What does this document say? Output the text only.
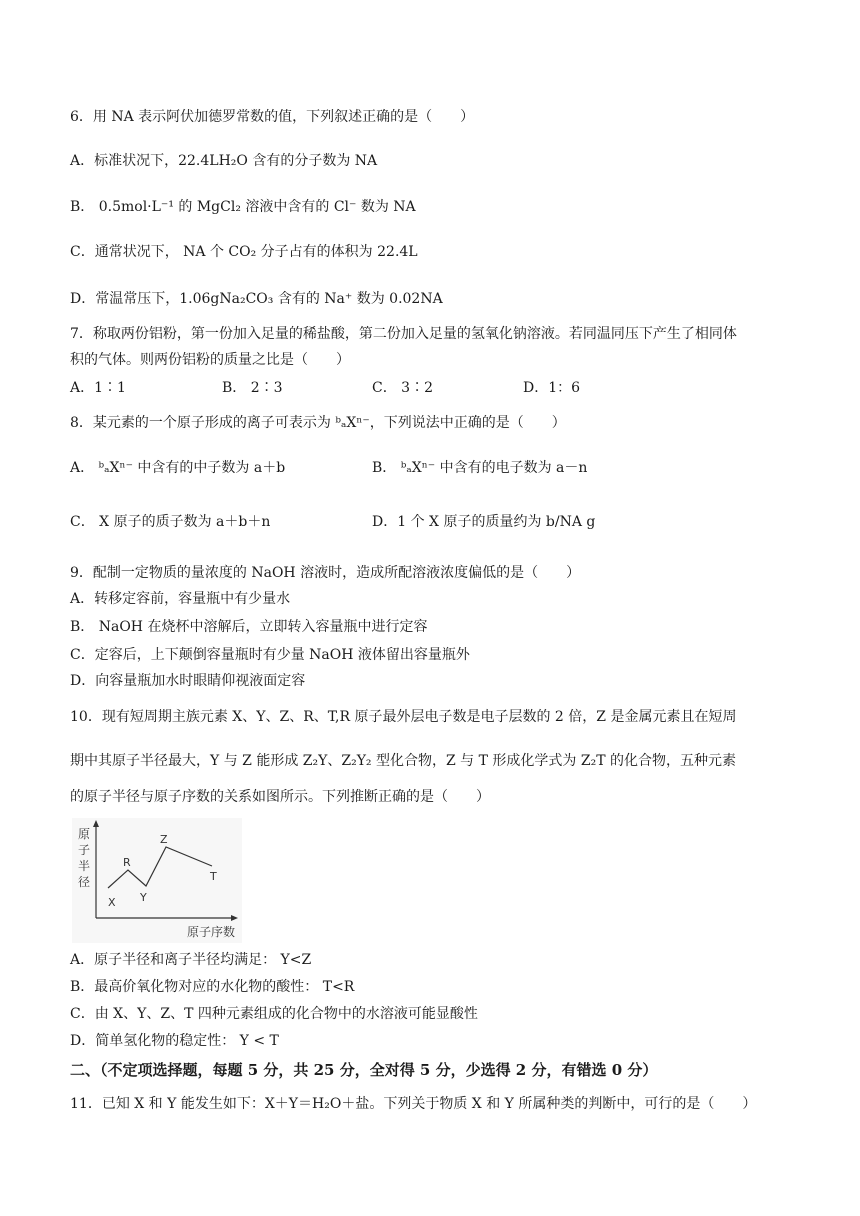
6．用 NA 表示阿伏加德罗常数的值，下列叙述正确的是（　　）
A．标准状况下，22.4LH₂O 含有的分子数为 NA
B． 0.5mol·L⁻¹ 的 MgCl₂ 溶液中含有的 Cl⁻ 数为 NA
C．通常状况下， NA 个 CO₂ 分子占有的体积为 22.4L
D．常温常压下，1.06gNa₂CO₃ 含有的 Na⁺ 数为 0.02NA
7．称取两份铝粉，第一份加入足量的稀盐酸，第二份加入足量的氢氧化钠溶液。若同温同压下产生了相同体
积的气体。则两份铝粉的质量之比是（　　）
A．1∶1	B． 2∶3	C． 3∶2	D．1：6
8．某元素的一个原子形成的离子可表示为 ᵇₐXⁿ⁻，下列说法中正确的是（　　）
A． ᵇₐXⁿ⁻ 中含有的中子数为 a＋b	B． ᵇₐXⁿ⁻ 中含有的电子数为 a－n
C． X 原子的质子数为 a＋b＋n	D．1 个 X 原子的质量约为 b/NA g
9．配制一定物质的量浓度的 NaOH 溶液时，造成所配溶液浓度偏低的是（　　）
A．转移定容前，容量瓶中有少量水
B． NaOH 在烧杯中溶解后，立即转入容量瓶中进行定容
C．定容后，上下颠倒容量瓶时有少量 NaOH 液体留出容量瓶外
D．向容量瓶加水时眼睛仰视液面定容
10．现有短周期主族元素 X、Y、Z、R、T,R 原子最外层电子数是电子层数的 2 倍，Z 是金属元素且在短周
期中其原子半径最大，Y 与 Z 能形成 Z₂Y、Z₂Y₂ 型化合物，Z 与 T 形成化学式为 Z₂T 的化合物，五种元素
的原子半径与原子序数的关系如图所示。下列推断正确的是（　　）
原
子
半
径
X
R
Y
Z
T
原子序数
A．原子半径和离子半径均满足： Y<Z
B．最高价氧化物对应的水化物的酸性： T<R
C．由 X、Y、Z、T 四种元素组成的化合物中的水溶液可能显酸性
D．简单氢化物的稳定性： Y < T
二、（不定项选择题，每题 5 分，共 25 分，全对得 5 分，少选得 2 分，有错选 0 分）
11．已知 X 和 Y 能发生如下：X＋Y＝H₂O＋盐。下列关于物质 X 和 Y 所属种类的判断中，可行的是（　　）
